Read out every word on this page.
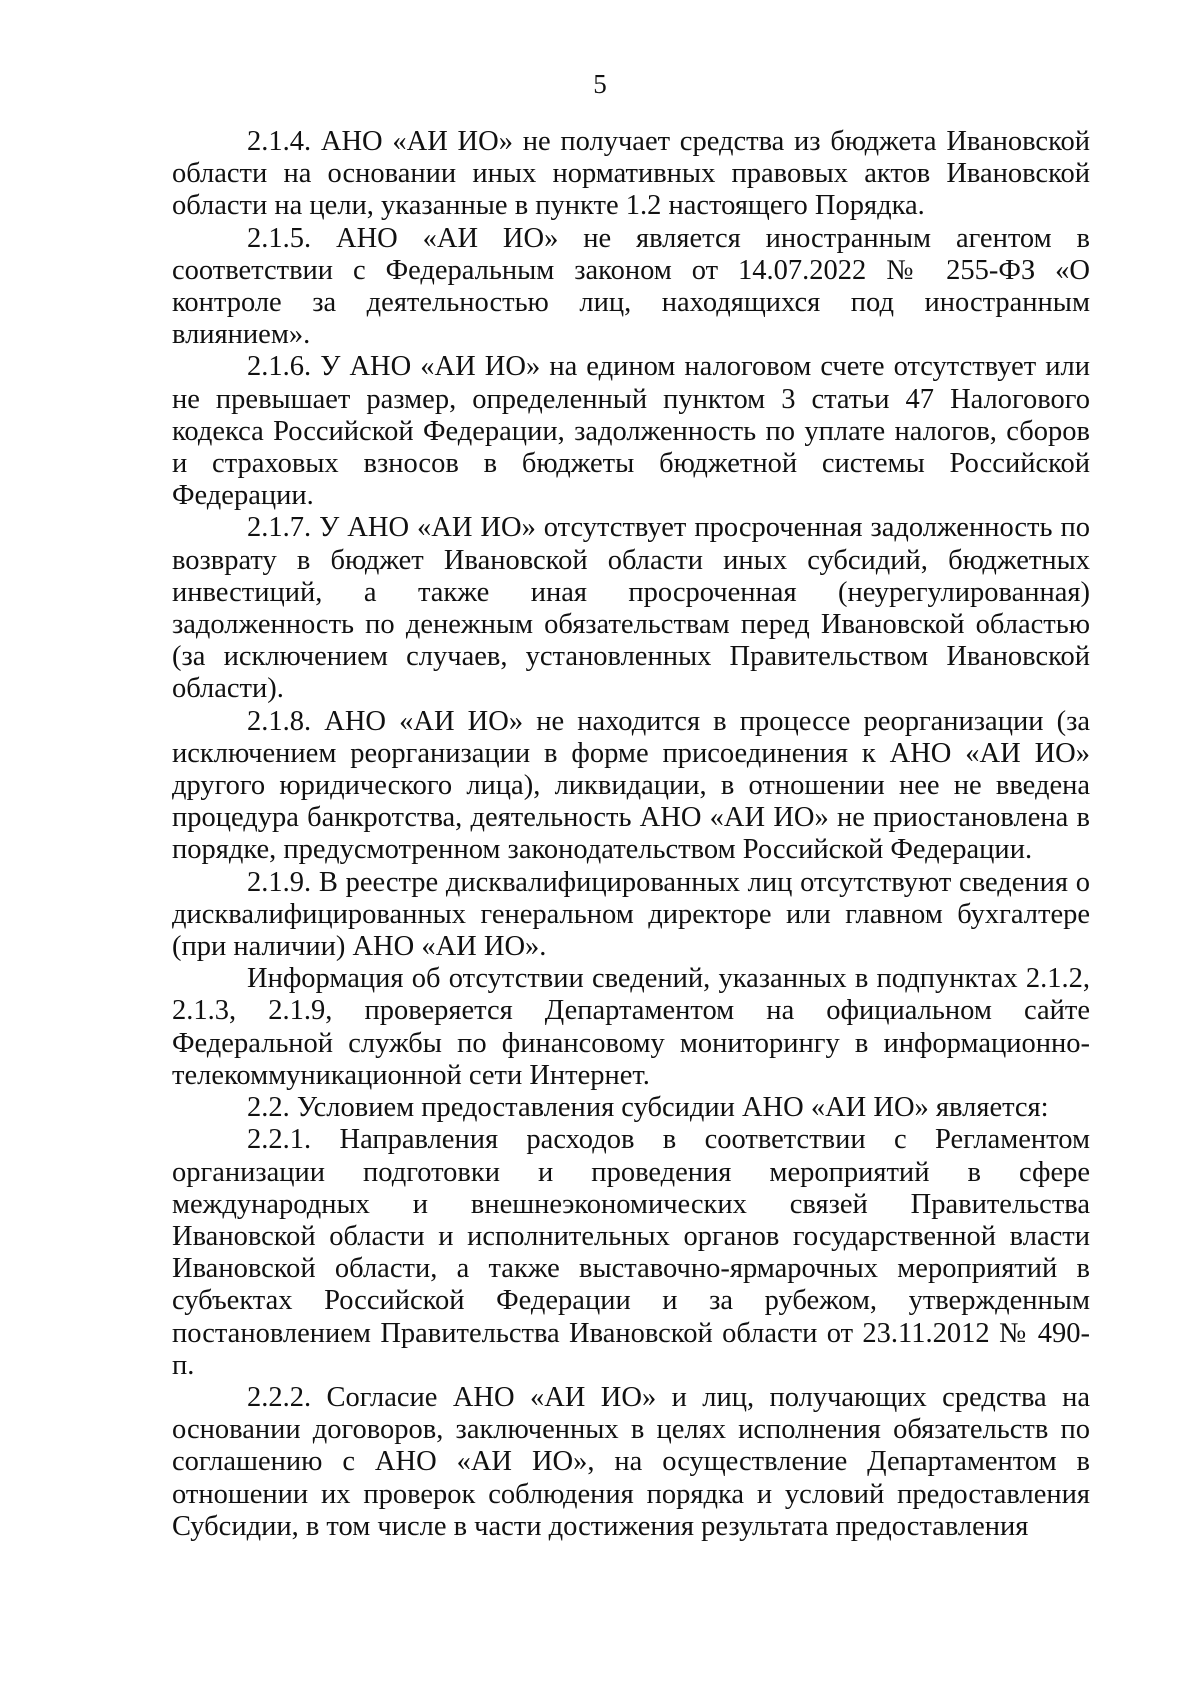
5

2.1.4. АНО «АИ ИО» не получает средства из бюджета Ивановской области на основании иных нормативных правовых актов Ивановской области на цели, указанные в пункте 1.2 настоящего Порядка.

2.1.5. АНО «АИ ИО» не является иностранным агентом в соответствии с Федеральным законом от 14.07.2022 № 255-ФЗ «О контроле за деятельностью лиц, находящихся под иностранным влиянием».

2.1.6. У АНО «АИ ИО» на едином налоговом счете отсутствует или не превышает размер, определенный пунктом 3 статьи 47 Налогового кодекса Российской Федерации, задолженность по уплате налогов, сборов и страховых взносов в бюджеты бюджетной системы Российской Федерации.

2.1.7. У АНО «АИ ИО» отсутствует просроченная задолженность по возврату в бюджет Ивановской области иных субсидий, бюджетных инвестиций, а также иная просроченная (неурегулированная) задолженность по денежным обязательствам перед Ивановской областью (за исключением случаев, установленных Правительством Ивановской области).

2.1.8. АНО «АИ ИО» не находится в процессе реорганизации (за исключением реорганизации в форме присоединения к АНО «АИ ИО» другого юридического лица), ликвидации, в отношении нее не введена процедура банкротства, деятельность АНО «АИ ИО» не приостановлена в порядке, предусмотренном законодательством Российской Федерации.

2.1.9. В реестре дисквалифицированных лиц отсутствуют сведения о дисквалифицированных генеральном директоре или главном бухгалтере (при наличии) АНО «АИ ИО».

Информация об отсутствии сведений, указанных в подпунктах 2.1.2, 2.1.3, 2.1.9, проверяется Департаментом на официальном сайте Федеральной службы по финансовому мониторингу в информационно-телекоммуникационной сети Интернет.

2.2. Условием предоставления субсидии АНО «АИ ИО» является:

2.2.1. Направления расходов в соответствии с Регламентом организации подготовки и проведения мероприятий в сфере международных и внешнеэкономических связей Правительства Ивановской области и исполнительных органов государственной власти Ивановской области, а также выставочно-ярмарочных мероприятий в субъектах Российской Федерации и за рубежом, утвержденным постановлением Правительства Ивановской области от 23.11.2012 № 490-п.

2.2.2. Согласие АНО «АИ ИО» и лиц, получающих средства на основании договоров, заключенных в целях исполнения обязательств по соглашению с АНО «АИ ИО», на осуществление Департаментом в отношении их проверок соблюдения порядка и условий предоставления Субсидии, в том числе в части достижения результата предоставления
